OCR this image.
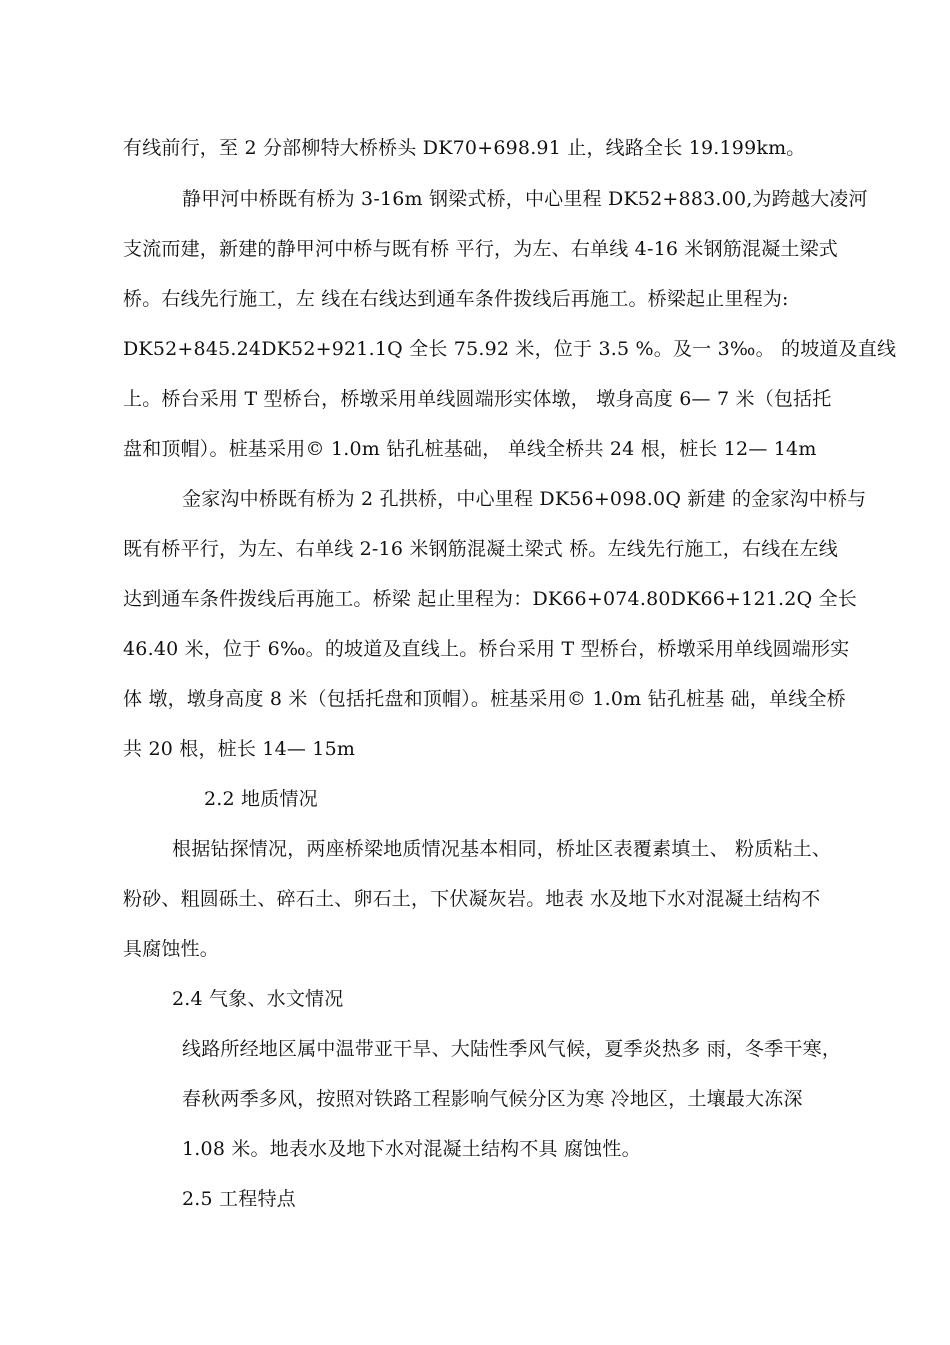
有线前行，至 2 分部柳特大桥桥头 DK70+698.91 止，线路全长 19.199km。
静甲河中桥既有桥为 3-16m 钢梁式桥，中心里程 DK52+883.00,为跨越大凌河
支流而建，新建的静甲河中桥与既有桥 平行，为左、右单线 4-16 米钢筋混凝土梁式
桥。右线先行施工，左 线在右线达到通车条件拨线后再施工。桥梁起止里程为:
DK52+845.24DK52+921.1Q 全长 75.92 米，位于 3.5 %。及一 3‰。 的坡道及直线
上。桥台采用 T 型桥台，桥墩采用单线圆端形实体墩， 墩身高度 6— 7 米（包括托
盘和顶帽）。桩基采用© 1.0m 钻孔桩基础， 单线全桥共 24 根，桩长 12— 14m
金家沟中桥既有桥为 2 孔拱桥，中心里程 DK56+098.0Q 新建 的金家沟中桥与
既有桥平行，为左、右单线 2-16 米钢筋混凝土梁式 桥。左线先行施工，右线在左线
达到通车条件拨线后再施工。桥梁 起止里程为：DK66+074.80DK66+121.2Q 全长
46.40 米，位于 6‰。的坡道及直线上。桥台采用 T 型桥台，桥墩采用单线圆端形实
体 墩，墩身高度 8 米（包括托盘和顶帽）。桩基采用© 1.0m 钻孔桩基 础，单线全桥
共 20 根，桩长 14— 15m
2.2 地质情况
根据钻探情况，两座桥梁地质情况基本相同，桥址区表覆素填土、 粉质粘土、
粉砂、粗圆砾土、碎石土、卵石土，下伏凝灰岩。地表 水及地下水对混凝土结构不
具腐蚀性。
2.4 气象、水文情况
线路所经地区属中温带亚干旱、大陆性季风气候，夏季炎热多 雨，冬季干寒，
春秋两季多风，按照对铁路工程影响气候分区为寒 冷地区，土壤最大冻深
1.08 米。地表水及地下水对混凝土结构不具 腐蚀性。
2.5 工程特点
